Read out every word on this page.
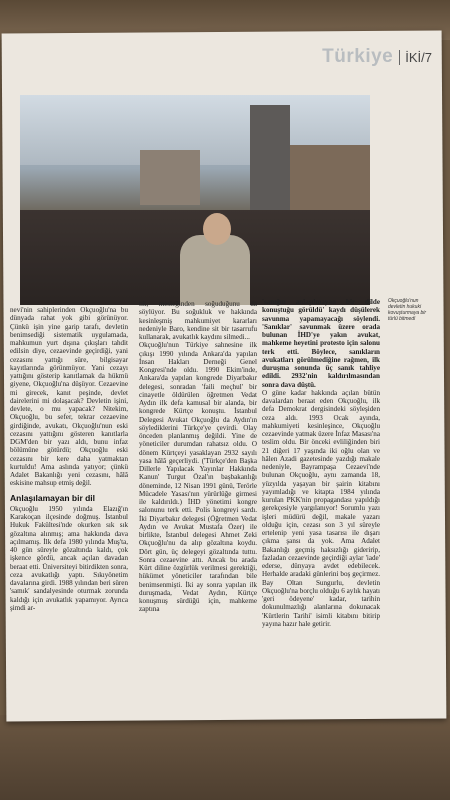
Türkiye İKİ/7
Okçuoğlu'nun devletin hukuki kovuşturmaya bir türlü bitmedi

nevi'nin sahiplerinden Okçuoğlu'na bu dünyada rahat yok gibi görünüyor. Çünkü işin yine garip tarafı, devletin benimsediği sistematik uygulamada, mahkumun yurt dışına çıkışları tahdit edilsin diye, cezaevinde geçirdiği, yani cezasını yattığı süre, bilgisayar kayıtlarında görünmüyor. Yani cezayı yattığını gösterip kanıtlamak da hükmü giyene, Okçuoğlu'na düşüyor. Cezaevine mi girecek, kanıt peşinde, devlet dairelerini mi dolaşacak? Devletin işini, devlete, o mu yapacak? Nitekim, Okçuoğlu, bu sefer, tekrar cezaevine girdiğinde, avukatı, Okçuoğlu'nun eski cezasını yattığını gösteren kanıtlarla DGM'den bir yazı aldı, bunu infaz bölümüne götürdü; Okçuoğlu eski cezasını bir kere daha yatmaktan kurtuldu! Ama aslında yatıyor; çünkü Adalet Bakanlığı yeni cezasını, hâlâ eskisine mahsup etmiş değil.

Anlaşılamayan bir dil

Okçuoğlu 1950 yılında Elazığ'ın Karakoçan ilçesinde doğmuş. İstanbul Hukuk Fakültesi'nde okurken sık sık gözaltına alınmış; ama hakkında dava açılmamış. İlk defa 1980 yılında Muş'ta, 40 gün süreyle gözaltında kaldı, çok işkence gördü, ancak açılan davadan beraat etti. Üniversiteyi bitirdikten sonra, ceza avukatlığı yaptı. Sıkıyönetim davalarına girdi. 1988 yılından beri süren 'samık' sandalyesinde oturmak zorunda kaldığı için avukatlık yapamıyor. Ayrıca şimdi ar-

tık, mesleğinden soğuduğunu da söylüyor. Bu soğukluk ve hakkında kesinleşmiş mahkumiyet kararları nedeniyle Baro, kendine sit bir tasarrufu kullanarak, avukatlık kaydını silmedi...

Okçuoğlu'nun Türkiye sahnesine ilk çıkışı 1990 yılında Ankara'da yapılan İnsan Hakları Derneği Genel Kongresi'nde oldu. 1990 Ekim'inde, Ankara'da yapılan kongrede Diyarbakır delegesi, sonradan 'faili meçhul' bir cinayetle öldürülen öğretmen Vedat Aydın ilk defa kamusal bir alanda, bir kongrede Kürtçe konuştu. İstanbul Delegesi Avukat Okçuoğlu da Aydın'ın söylediklerini Türkçe'ye çevirdi. Olay önceden planlanmış değildi. Yine de yöneticiler durumdan rahatsız oldu. O dönem Kürtçeyi yasaklayan 2932 sayılı yasa hâlâ geçerliydi. ('Türkçe'den Başka Dillerle Yapılacak Yayınlar Hakkında Kanun' Turgut Özal'ın başbakanlığı döneminde, 12 Nisan 1991 günü, Terörle Mücadele Yasası'nın yürürlüğe girmesi ile kaldırıldı.) İHD yönetimi kongre salonunu terk etti. Polis kongreyi sardı. İki Diyarbakır delegesi (Öğretmen Vedat Aydın ve Avukat Mustafa Özer) ile birlikte, İstanbul delegesi Ahmet Zeki Okçuoğlu'nu da alıp gözaltına koydu. Dört gün, üç delegeyi gözaltında tuttu. Sonra cezaevine attı. Ancak bu arada Kürt diline özgürlük verilmesi gerektiği, hükümet yöneticiler tarafından bile benimsenmişti. İki ay sonra yapılan ilk duruşmada, Vedat Aydın, Kürtçe konuşmuş sürdüğü için, mahkeme zaptına

'sanığın anlaşılmayan bir dilde konuştuğu görüldü' kaydı düşülerek savunma yapamayacağı söylendi. 'Sanıklar' savunmak üzere orada bulunan İHD'ye yakın avukat, mahkeme heyetini protesto için salonu terk etti. Böylece, sanıkların avukatları görülmediğine rağmen, ilk duruşma sonunda üç sanık tahliye edildi. 2932'nin kaldırılmasından sonra dava düştü.

O güne kadar hakkında açılan bütün davalardan beraat eden Okçuoğlu, ilk defa Demokrat dergisindeki söyleşiden ceza aldı. 1993 Ocak ayında, mahkumiyeti kesinleşince, Okçuoğlu cezaevinde yatmak üzere İnfaz Masası'na teslim oldu. Bir önceki evliliğinden biri 21 diğeri 17 yaşında iki oğlu olan ve hâlen Azadi gazetesinde yazdığı makale nedeniyle, Bayrampaşa Cezaevi'nde bulunan Okçuoğlu, aynı zamanda 18, yüzyılda yaşayan bir şairin kitabını yayımladığı ve kitapta 1984 yılında kurulan PKK'nin propagandası yapıldığı gerekçesiyle yargılanıyor! Sorumlu yazı işleri müdürü değil, makale yazarı olduğu için, cezası son 3 yıl süreyle ertelenip yeni yasa tasarısı ile dışarı çıkma şansı da yok. Ama Adalet Bakanlığı geçmiş haksızlığı gideririp, fazladan cezaevinde geçirdiği aylar 'iade' ederse, dünyaya avdet edebilecek. Herhalde aradaki günlerini boş geçirmez. Bay Oltan Sungurlu, devletin Okçuoğlu'na borçlu olduğu 6 aylık hayatı 'geri ödeyene' kadar, tarihin dokunulmazlığı alanlarına dokunacak 'Kürtlerin Tarihi' isimli kitabını bitirip yayına hazır hale getirir.
